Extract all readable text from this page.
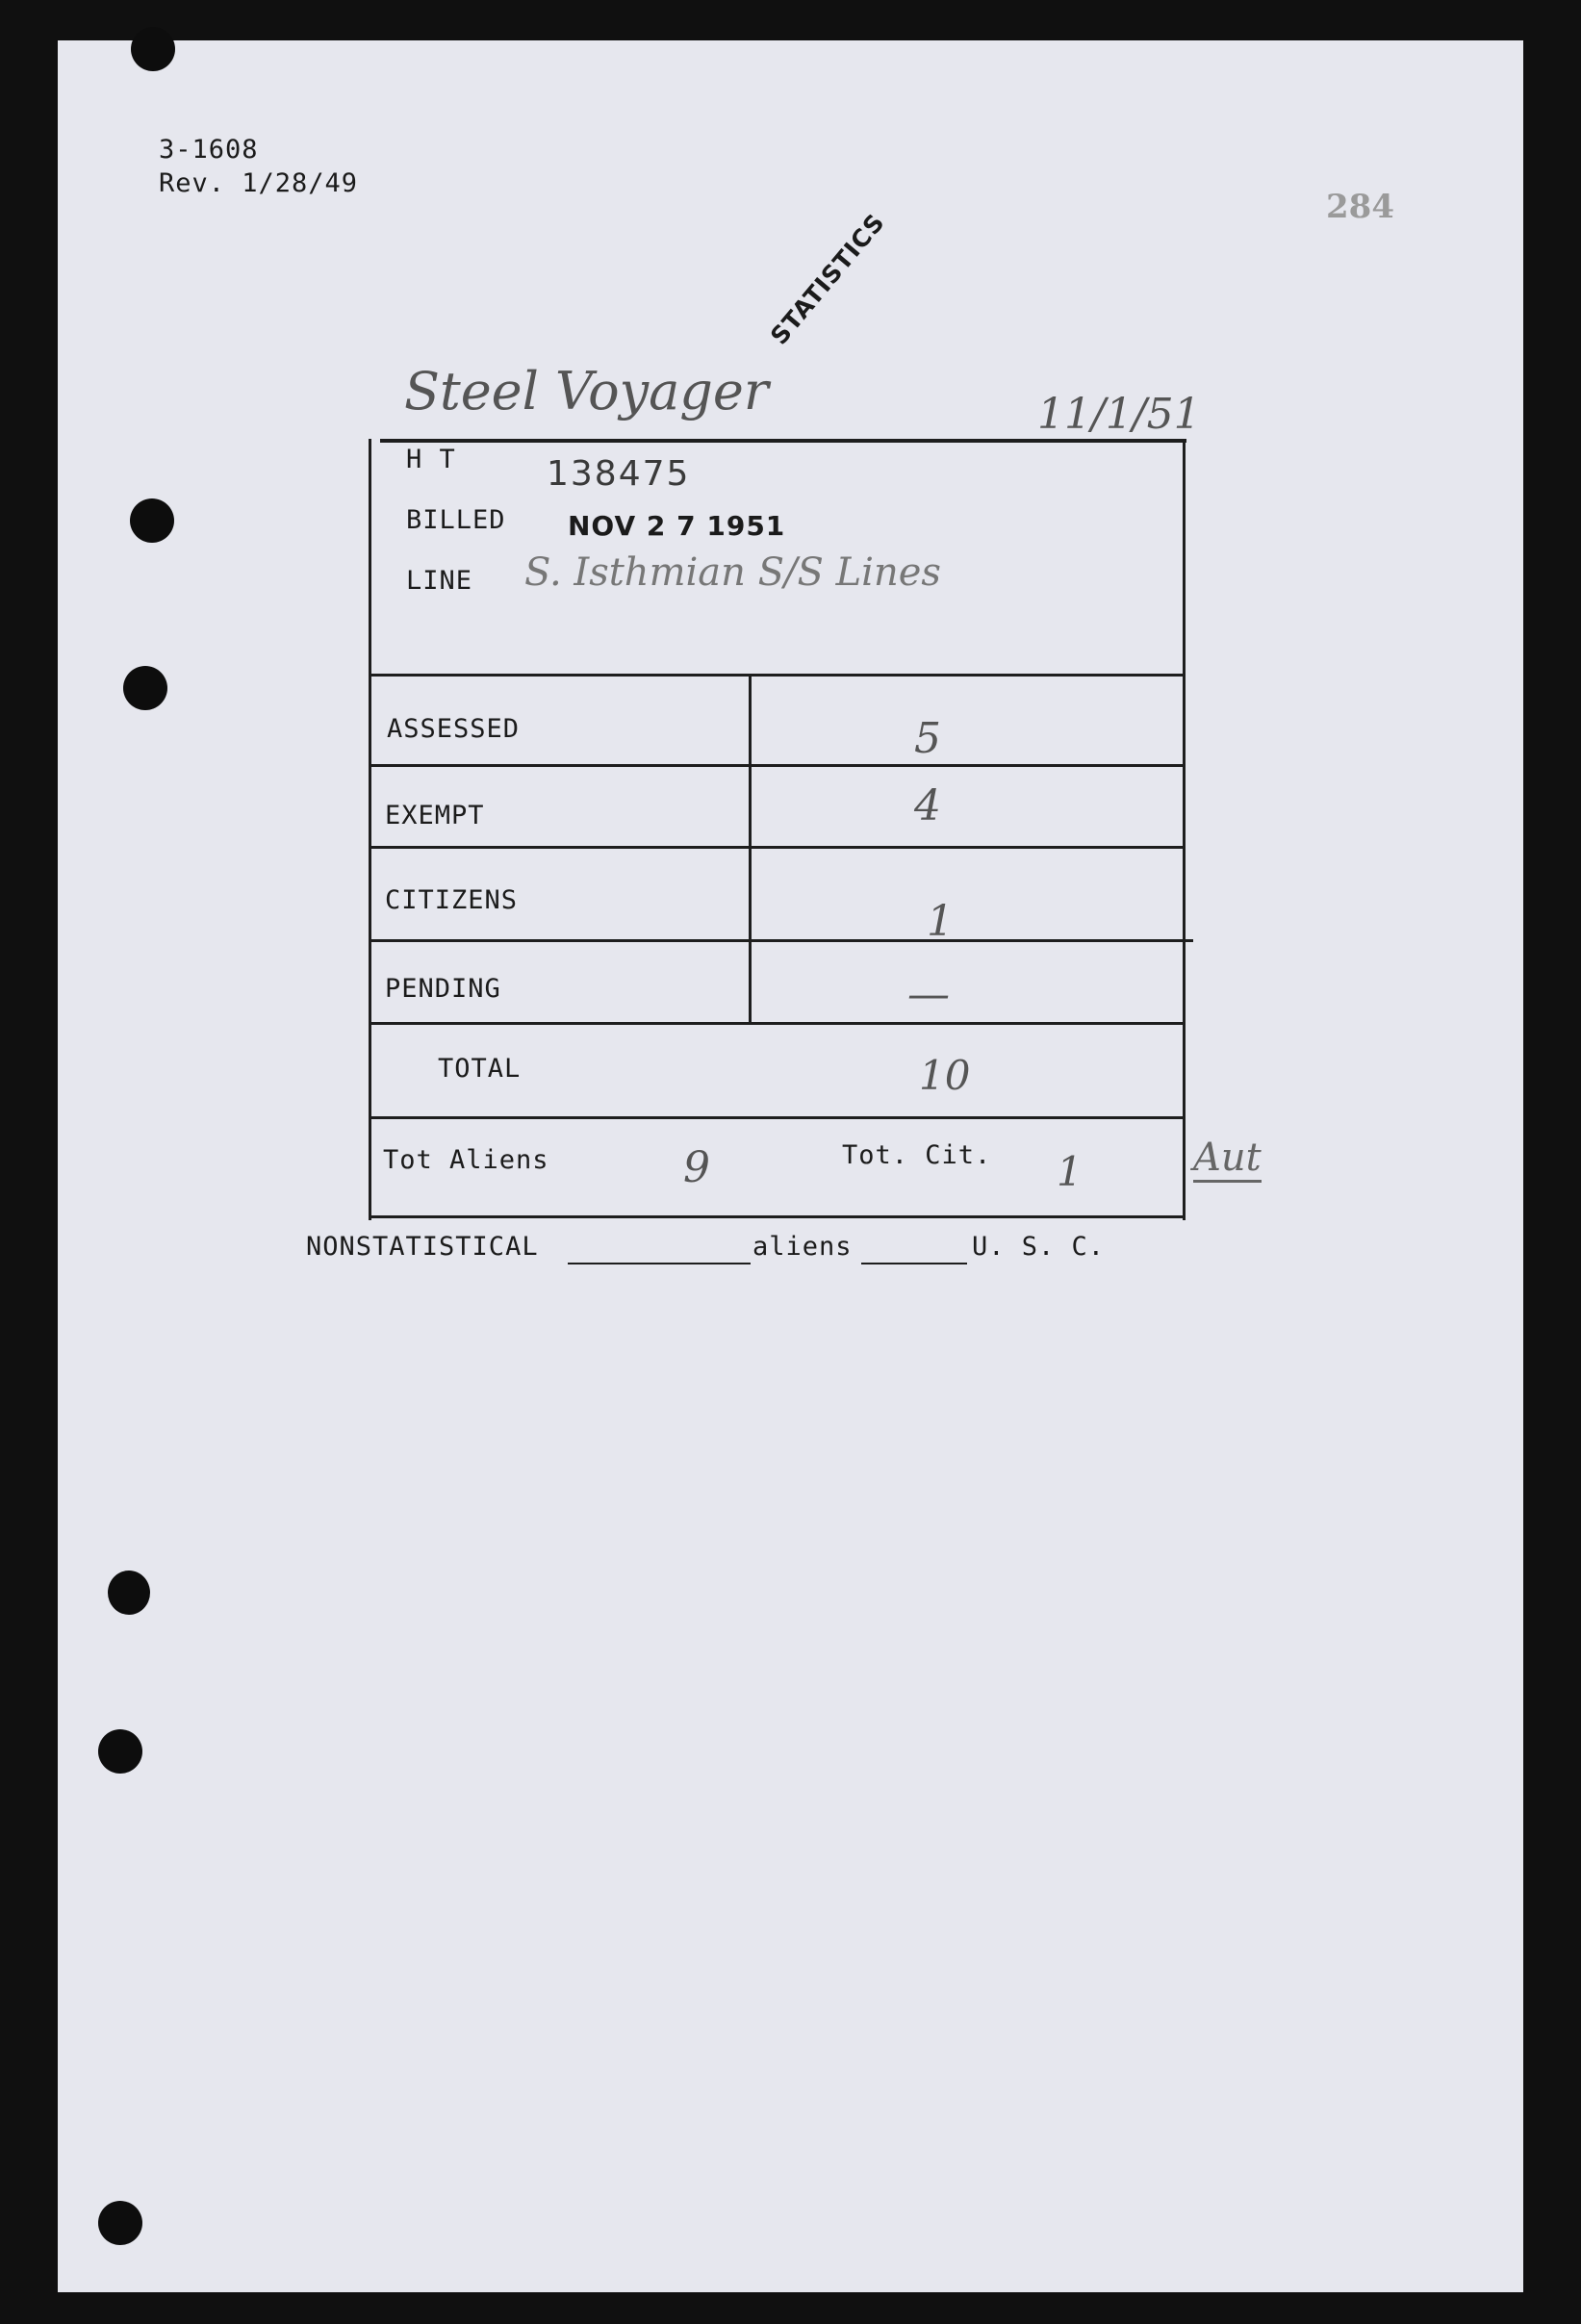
3-1608
Rev. 1/28/49
284
STATISTICS
Steel Voyager	11/1/51
H T	138475
BILLED NOV 2 7 1951
LINE S. Isthmian S/S Lines
ASSESSED	5
EXEMPT	4
CITIZENS	1
PENDING	—
TOTAL	10
Tot Aliens	9	Tot. Cit. 1	Aut
NONSTATISTICAL	aliens	U. S. C.
